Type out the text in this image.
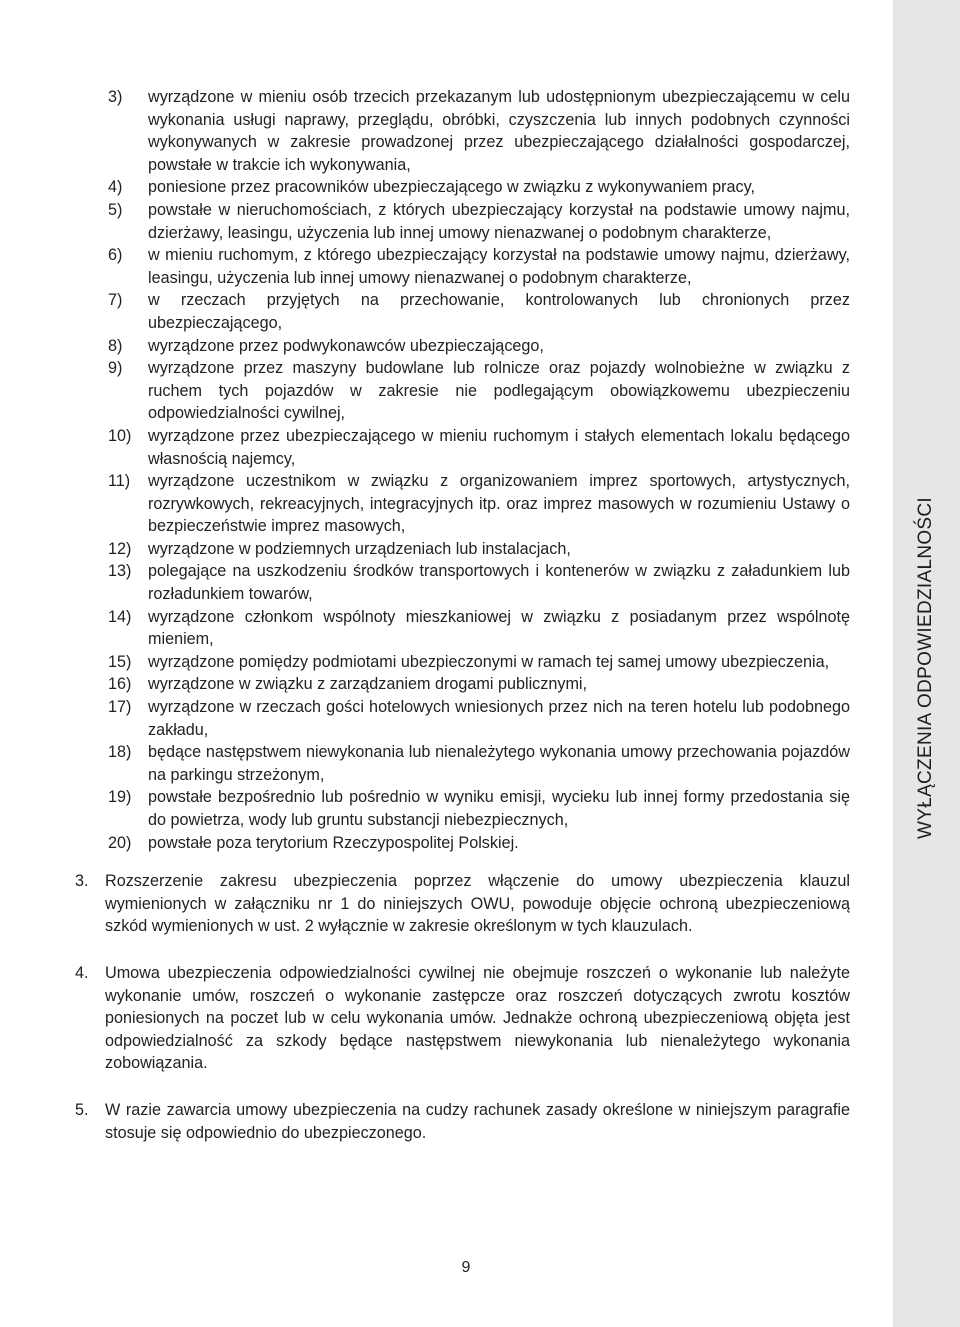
WYŁĄCZENIA ODPOWIEDZIALNOŚCI
3) wyrządzone w mieniu osób trzecich przekazanym lub udostępnionym ubezpieczającemu w celu wykonania usługi naprawy, przeglądu, obróbki, czyszczenia lub innych podobnych czynności wykonywanych w zakresie prowadzonej przez ubezpieczającego działalności gospodarczej, powstałe w trakcie ich wykonywania,
4) poniesione przez pracowników ubezpieczającego w związku z wykonywaniem pracy,
5) powstałe w nieruchomościach, z których ubezpieczający korzystał na podstawie umowy najmu, dzierżawy, leasingu, użyczenia lub innej umowy nienazwanej o podobnym charakterze,
6) w mieniu ruchomym, z którego ubezpieczający korzystał na podstawie umowy najmu, dzierżawy, leasingu, użyczenia lub innej umowy nienazwanej o podobnym charakterze,
7) w rzeczach przyjętych na przechowanie, kontrolowanych lub chronionych przez ubezpieczającego,
8) wyrządzone przez podwykonawców ubezpieczającego,
9) wyrządzone przez maszyny budowlane lub rolnicze oraz pojazdy wolnobieżne w związku z ruchem tych pojazdów w zakresie nie podlegającym obowiązkowemu ubezpieczeniu odpowiedzialności cywilnej,
10) wyrządzone przez ubezpieczającego w mieniu ruchomym i stałych elementach lokalu będącego własnością najemcy,
11) wyrządzone uczestnikom w związku z organizowaniem imprez sportowych, artystycznych, rozrywkowych, rekreacyjnych, integracyjnych itp. oraz imprez masowych w rozumieniu Ustawy o bezpieczeństwie imprez masowych,
12) wyrządzone w podziemnych urządzeniach lub instalacjach,
13) polegające na uszkodzeniu środków transportowych i kontenerów w związku z załadunkiem lub rozładunkiem towarów,
14) wyrządzone członkom wspólnoty mieszkaniowej w związku z posiadanym przez wspólnotę mieniem,
15) wyrządzone pomiędzy podmiotami ubezpieczonymi w ramach tej samej umowy ubezpieczenia,
16) wyrządzone w związku z zarządzaniem drogami publicznymi,
17) wyrządzone w rzeczach gości hotelowych wniesionych przez nich na teren hotelu lub podobnego zakładu,
18) będące następstwem niewykonania lub nienależytego wykonania umowy przechowania pojazdów na parkingu strzeżonym,
19) powstałe bezpośrednio lub pośrednio w wyniku emisji, wycieku lub innej formy przedostania się do powietrza, wody lub gruntu substancji niebezpiecznych,
20) powstałe poza terytorium Rzeczypospolitej Polskiej.
3. Rozszerzenie zakresu ubezpieczenia poprzez włączenie do umowy ubezpieczenia klauzul wymienionych w załączniku nr 1 do niniejszych OWU, powoduje objęcie ochroną ubezpieczeniową szkód wymienionych w ust. 2 wyłącznie w zakresie określonym w tych klauzulach.
4. Umowa ubezpieczenia odpowiedzialności cywilnej nie obejmuje roszczeń o wykonanie lub należyte wykonanie umów, roszczeń o wykonanie zastępcze oraz roszczeń dotyczących zwrotu kosztów poniesionych na poczet lub w celu wykonania umów. Jednakże ochroną ubezpieczeniową objęta jest odpowiedzialność za szkody będące następstwem niewykonania lub nienależytego wykonania zobowiązania.
5. W razie zawarcia umowy ubezpieczenia na cudzy rachunek zasady określone w niniejszym paragrafie stosuje się odpowiednio do ubezpieczonego.
9
